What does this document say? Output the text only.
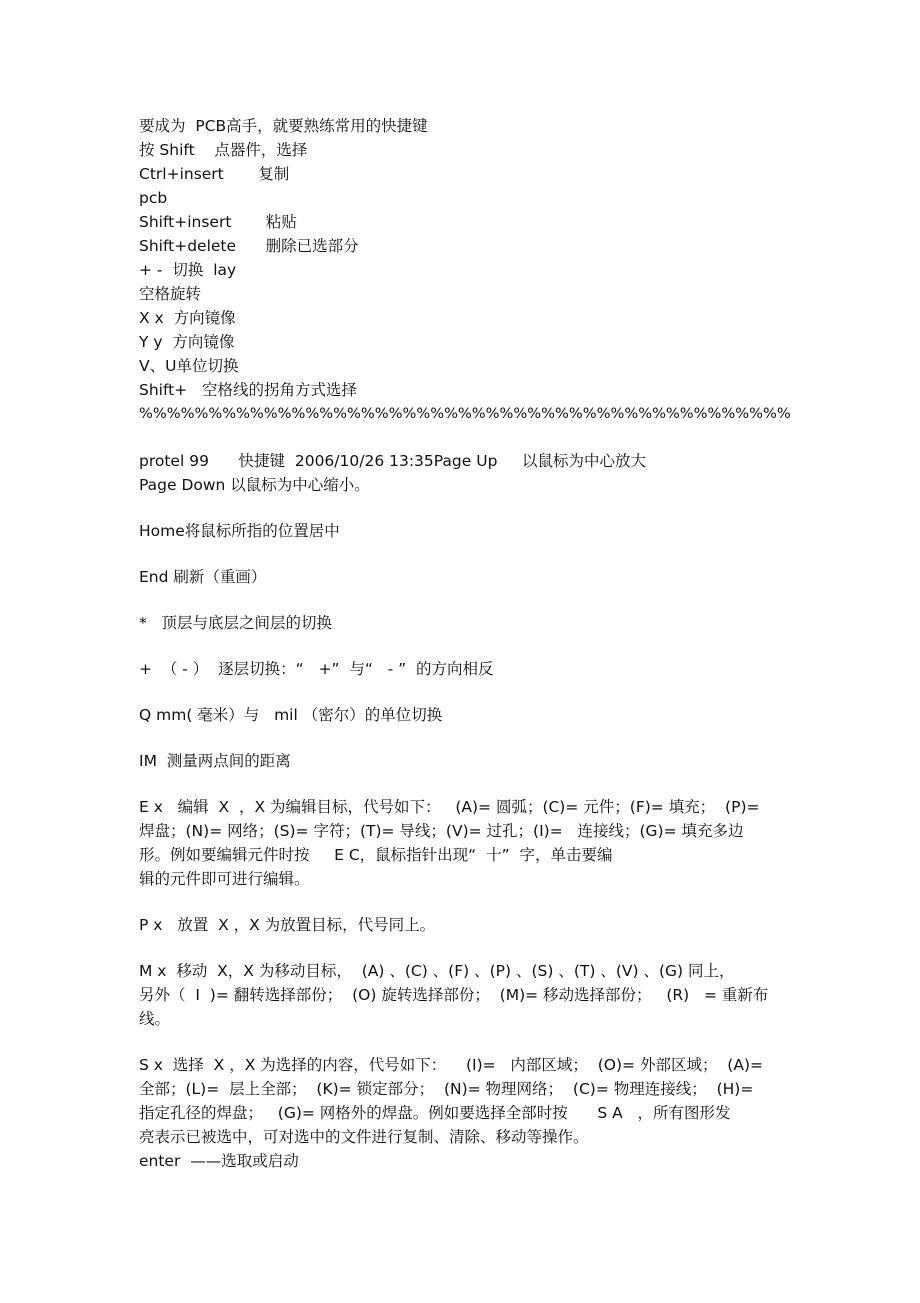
要成为  PCB高手，就要熟练常用的快捷键
按 Shift    点器件，选择
Ctrl+insert       复制
pcb
Shift+insert       粘贴
Shift+delete      删除已选部分
+ -  切换  lay
空格旋转
X x  方向镜像
Y y  方向镜像
V、U单位切换
Shift+   空格线的拐角方式选择
%%%%%%%%%%%%%%%%%%%%%%%%%%%%%%%%%%%%%%%%%%%%%%%
protel 99      快捷键  2006/10/26 13:35Page Up     以鼠标为中心放大
Page Down 以鼠标为中心缩小。
Home将鼠标所指的位置居中
End 刷新（重画）
*   顶层与底层之间层的切换
+  （ - ）  逐层切换：“   +”  与“   - ”  的方向相反
Q mm( 毫米）与   mil （密尔）的单位切换
IM  测量两点间的距离
E x   编辑  X  ，X 为编辑目标，代号如下：   (A)= 圆弧；(C)= 元件；(F)= 填充；  (P)=
焊盘；(N)= 网络；(S)= 字符；(T)= 导线；(V)= 过孔；(I)=   连接线；(G)= 填充多边
形。例如要编辑元件时按     E C，鼠标指针出现“  十”  字，单击要编
辑的元件即可进行编辑。
P x   放置  X ，X 为放置目标，代号同上。
M x  移动  X，X 为移动目标，  (A) 、(C) 、(F) 、(P) 、(S) 、(T) 、(V) 、(G) 同上，
另外（  I  )= 翻转选择部份；  (O) 旋转选择部份；  (M)= 移动选择部份；   (R)   = 重新布
线。
S x  选择  X ，X 为选择的内容，代号如下：    (I)=   内部区域；  (O)= 外部区域；  (A)=
全部；(L)=  层上全部；  (K)= 锁定部分；  (N)= 物理网络；  (C)= 物理连接线；  (H)=
指定孔径的焊盘；   (G)= 网格外的焊盘。例如要选择全部时按      S A   ，所有图形发
亮表示已被选中，可对选中的文件进行复制、清除、移动等操作。
enter  ——选取或启动
